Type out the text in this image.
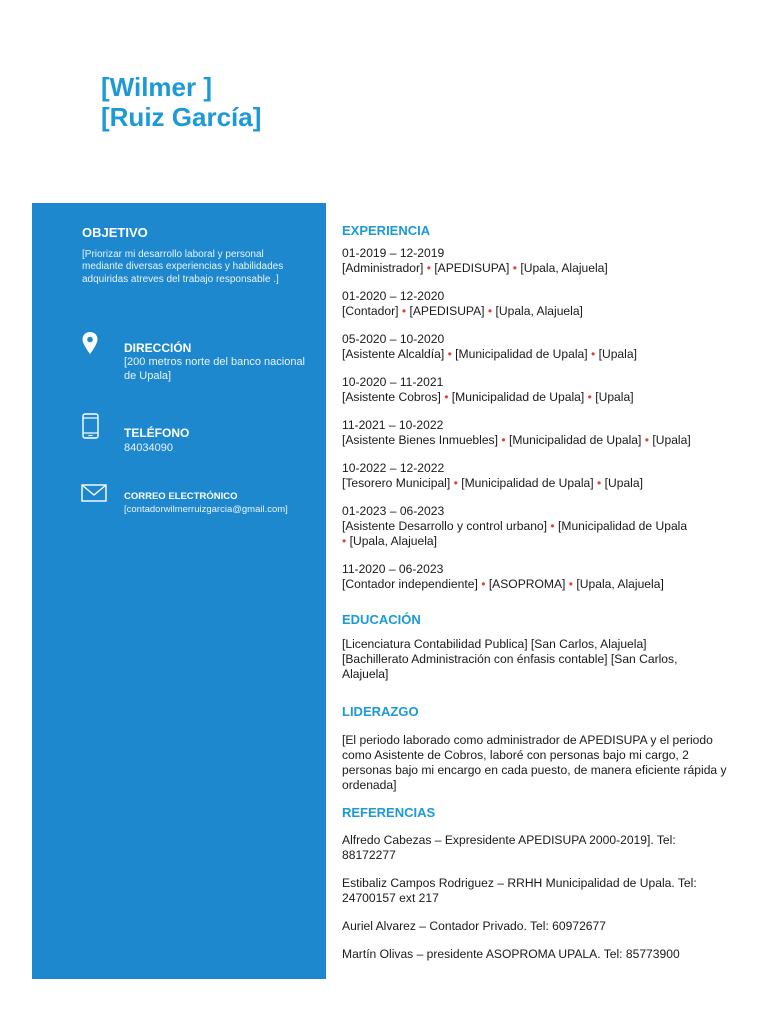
[Wilmer ]
[Ruiz García]
OBJETIVO
[Priorizar mi desarrollo laboral y personal mediante diversas experiencias y habilidades adquiridas atreves del trabajo responsable .]
DIRECCIÓN
[200 metros norte del banco nacional de Upala]
TELÉFONO
84034090
CORREO ELECTRÓNICO
[contadorwilmerruizgarcia@gmail.com]
EXPERIENCIA
01-2019 – 12-2019
[Administrador] • [APEDISUPA] • [Upala, Alajuela]
01-2020 – 12-2020
[Contador] • [APEDISUPA] • [Upala, Alajuela]
05-2020 – 10-2020
[Asistente Alcaldía] • [Municipalidad de Upala] • [Upala]
10-2020 – 11-2021
[Asistente Cobros] • [Municipalidad de Upala] • [Upala]
11-2021 – 10-2022
[Asistente Bienes Inmuebles] • [Municipalidad de Upala] • [Upala]
10-2022 – 12-2022
[Tesorero Municipal] • [Municipalidad de Upala] • [Upala]
01-2023 – 06-2023
[Asistente Desarrollo y control urbano] • [Municipalidad de Upala
• [Upala, Alajuela]
11-2020 – 06-2023
[Contador independiente] • [ASOPROMA] • [Upala, Alajuela]
EDUCACIÓN
[Licenciatura Contabilidad Publica] [San Carlos, Alajuela]
[Bachillerato Administración con énfasis contable] [San Carlos,
Alajuela]
LIDERAZGO
[El periodo laborado como administrador de APEDISUPA y el periodo como Asistente de Cobros, laboré con personas bajo mi cargo, 2 personas bajo mi encargo en cada puesto, de manera eficiente rápida y ordenada]
REFERENCIAS
Alfredo Cabezas – Expresidente APEDISUPA 2000-2019]. Tel: 88172277
Estibaliz Campos Rodriguez – RRHH Municipalidad de Upala. Tel: 24700157 ext 217
Auriel Alvarez – Contador Privado. Tel: 60972677
Martín Olivas – presidente ASOPROMA UPALA. Tel: 85773900
